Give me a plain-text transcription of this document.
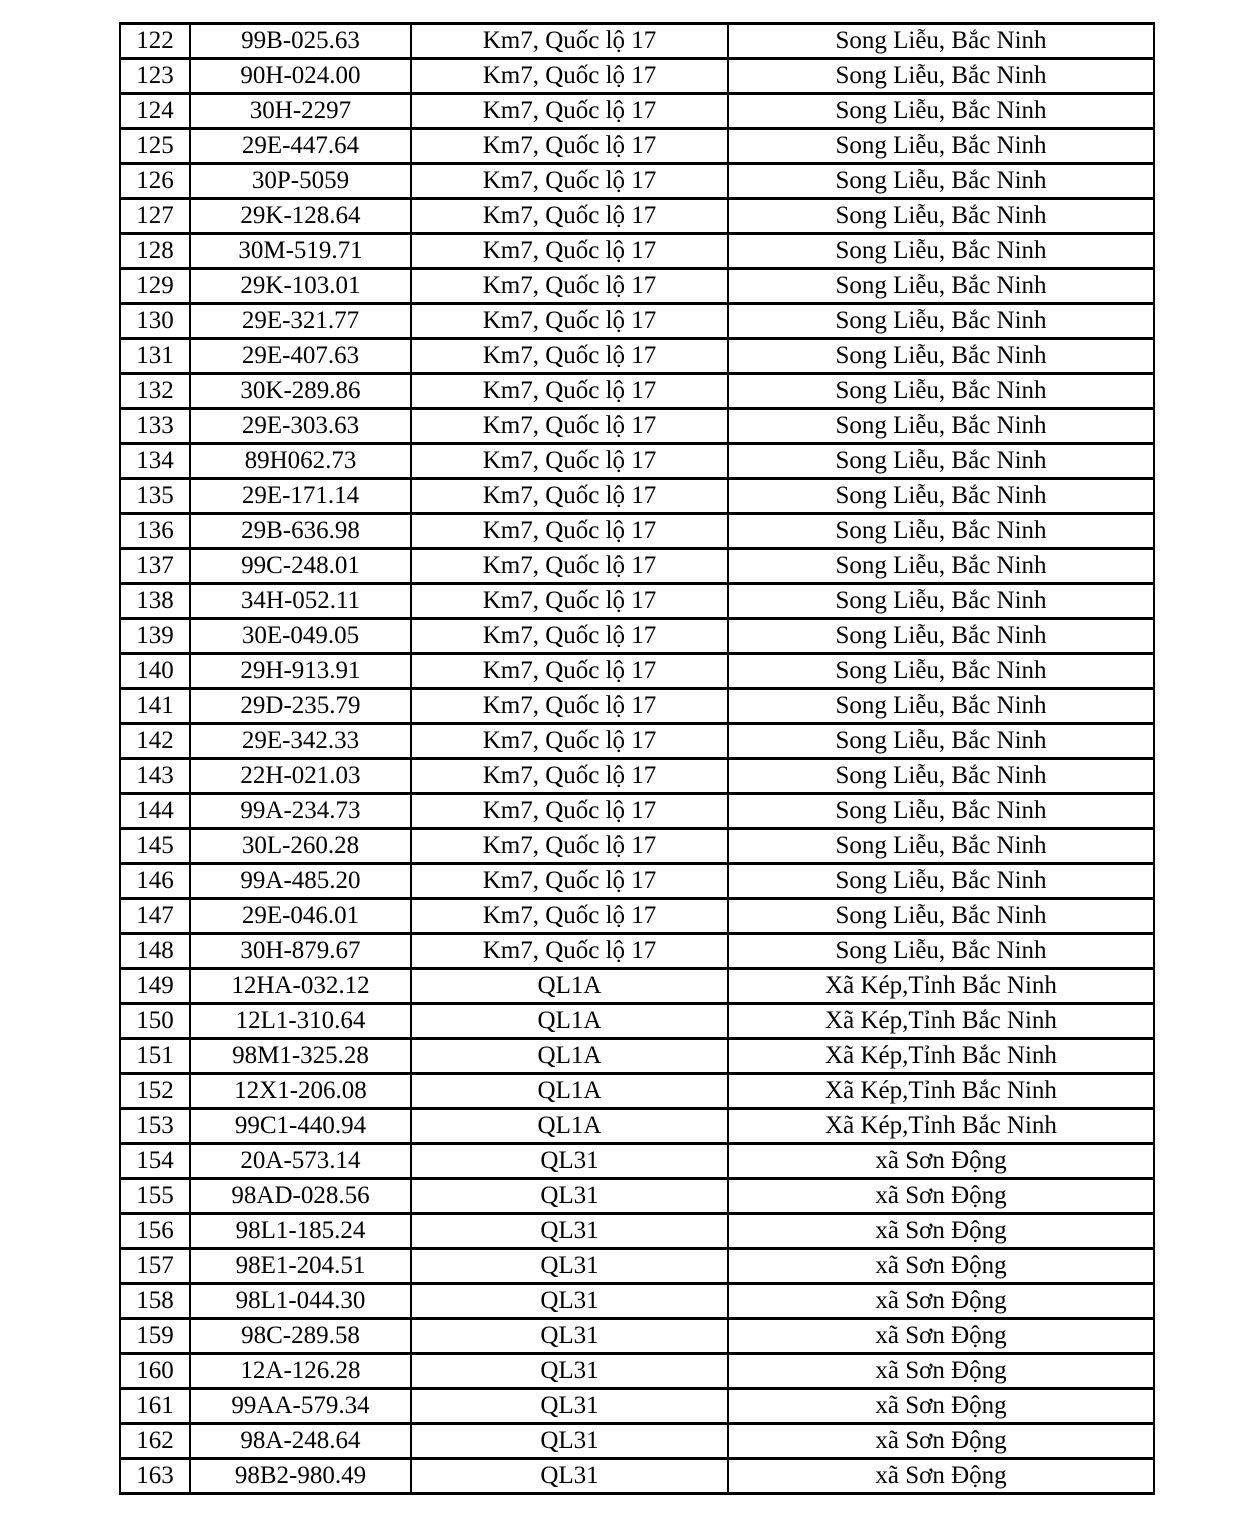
122	99B-025.63	Km7, Quốc lộ 17	Song Liễu, Bắc Ninh
123	90H-024.00	Km7, Quốc lộ 17	Song Liễu, Bắc Ninh
124	30H-2297	Km7, Quốc lộ 17	Song Liễu, Bắc Ninh
125	29E-447.64	Km7, Quốc lộ 17	Song Liễu, Bắc Ninh
126	30P-5059	Km7, Quốc lộ 17	Song Liễu, Bắc Ninh
127	29K-128.64	Km7, Quốc lộ 17	Song Liễu, Bắc Ninh
128	30M-519.71	Km7, Quốc lộ 17	Song Liễu, Bắc Ninh
129	29K-103.01	Km7, Quốc lộ 17	Song Liễu, Bắc Ninh
130	29E-321.77	Km7, Quốc lộ 17	Song Liễu, Bắc Ninh
131	29E-407.63	Km7, Quốc lộ 17	Song Liễu, Bắc Ninh
132	30K-289.86	Km7, Quốc lộ 17	Song Liễu, Bắc Ninh
133	29E-303.63	Km7, Quốc lộ 17	Song Liễu, Bắc Ninh
134	89H062.73	Km7, Quốc lộ 17	Song Liễu, Bắc Ninh
135	29E-171.14	Km7, Quốc lộ 17	Song Liễu, Bắc Ninh
136	29B-636.98	Km7, Quốc lộ 17	Song Liễu, Bắc Ninh
137	99C-248.01	Km7, Quốc lộ 17	Song Liễu, Bắc Ninh
138	34H-052.11	Km7, Quốc lộ 17	Song Liễu, Bắc Ninh
139	30E-049.05	Km7, Quốc lộ 17	Song Liễu, Bắc Ninh
140	29H-913.91	Km7, Quốc lộ 17	Song Liễu, Bắc Ninh
141	29D-235.79	Km7, Quốc lộ 17	Song Liễu, Bắc Ninh
142	29E-342.33	Km7, Quốc lộ 17	Song Liễu, Bắc Ninh
143	22H-021.03	Km7, Quốc lộ 17	Song Liễu, Bắc Ninh
144	99A-234.73	Km7, Quốc lộ 17	Song Liễu, Bắc Ninh
145	30L-260.28	Km7, Quốc lộ 17	Song Liễu, Bắc Ninh
146	99A-485.20	Km7, Quốc lộ 17	Song Liễu, Bắc Ninh
147	29E-046.01	Km7, Quốc lộ 17	Song Liễu, Bắc Ninh
148	30H-879.67	Km7, Quốc lộ 17	Song Liễu, Bắc Ninh
149	12HA-032.12	QL1A	Xã Kép,Tỉnh Bắc Ninh
150	12L1-310.64	QL1A	Xã Kép,Tỉnh Bắc Ninh
151	98M1-325.28	QL1A	Xã Kép,Tỉnh Bắc Ninh
152	12X1-206.08	QL1A	Xã Kép,Tỉnh Bắc Ninh
153	99C1-440.94	QL1A	Xã Kép,Tỉnh Bắc Ninh
154	20A-573.14	QL31	xã Sơn Động
155	98AD-028.56	QL31	xã Sơn Động
156	98L1-185.24	QL31	xã Sơn Động
157	98E1-204.51	QL31	xã Sơn Động
158	98L1-044.30	QL31	xã Sơn Động
159	98C-289.58	QL31	xã Sơn Động
160	12A-126.28	QL31	xã Sơn Động
161	99AA-579.34	QL31	xã Sơn Động
162	98A-248.64	QL31	xã Sơn Động
163	98B2-980.49	QL31	xã Sơn Động
